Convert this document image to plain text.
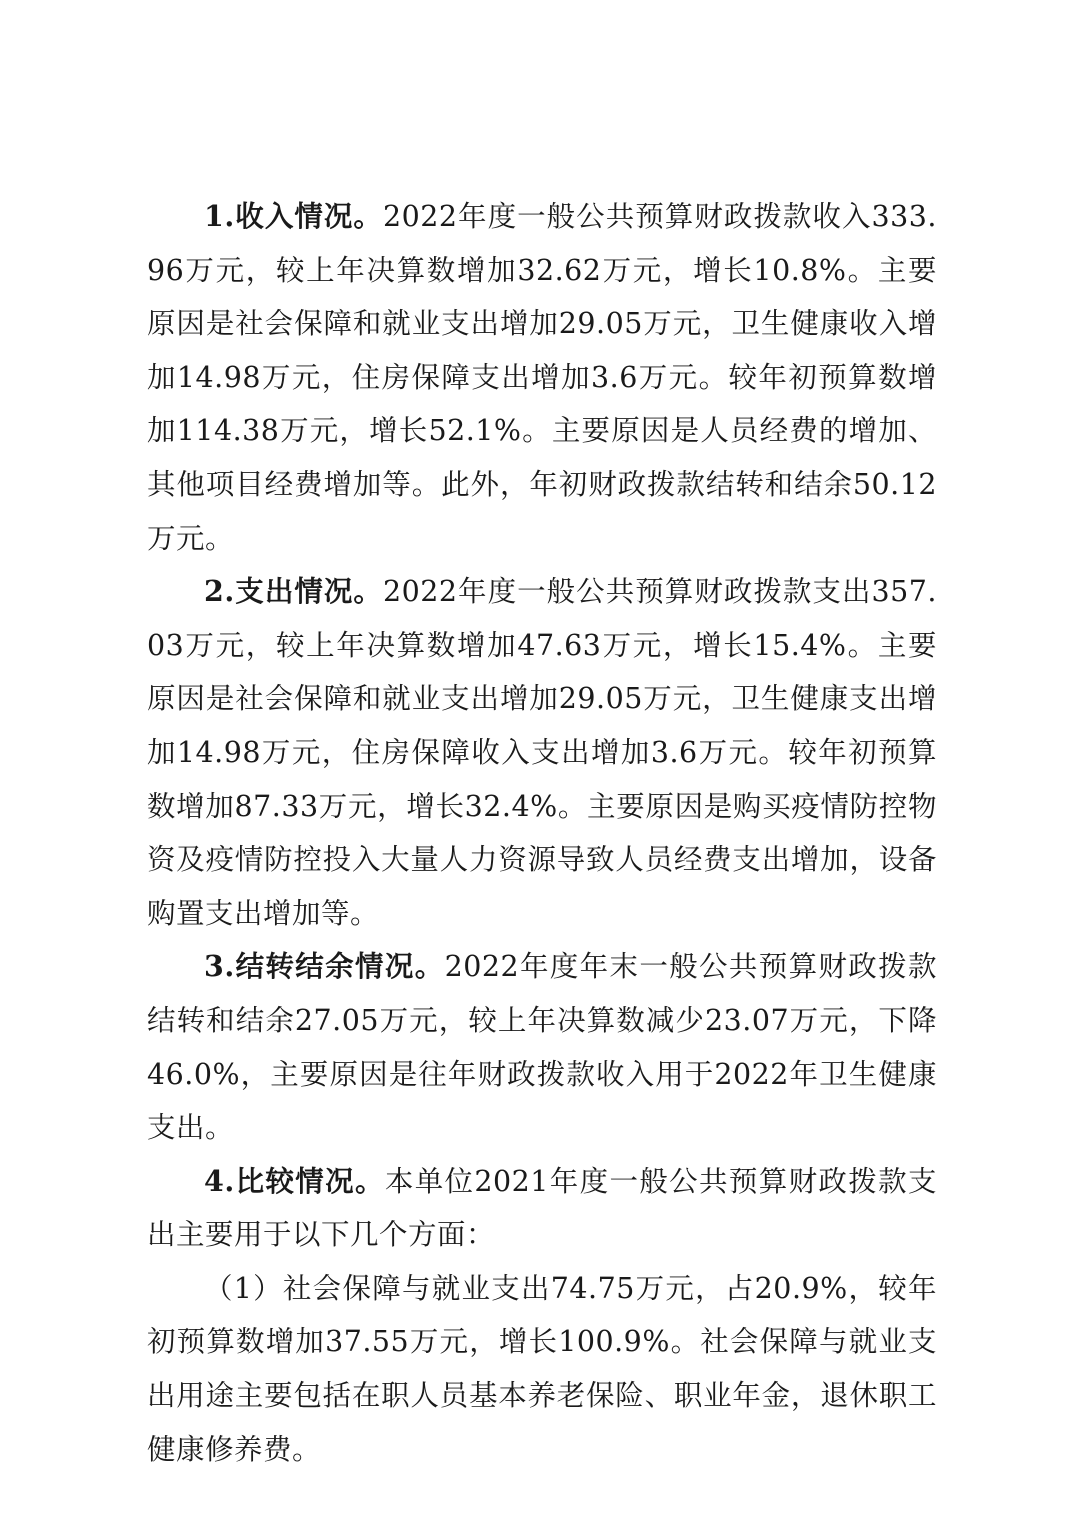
1.收入情况。2022年度一般公共预算财政拨款收入333.96万元，较上年决算数增加32.62万元，增长10.8%。主要原因是社会保障和就业支出增加29.05万元，卫生健康收入增加14.98万元，住房保障支出增加3.6万元。较年初预算数增加114.38万元，增长52.1%。主要原因是人员经费的增加、其他项目经费增加等。此外，年初财政拨款结转和结余50.12万元。

2.支出情况。2022年度一般公共预算财政拨款支出357.03万元，较上年决算数增加47.63万元，增长15.4%。主要原因是社会保障和就业支出增加29.05万元，卫生健康支出增加14.98万元，住房保障收入支出增加3.6万元。较年初预算数增加87.33万元，增长32.4%。主要原因是购买疫情防控物资及疫情防控投入大量人力资源导致人员经费支出增加，设备购置支出增加等。

3.结转结余情况。2022年度年末一般公共预算财政拨款结转和结余27.05万元，较上年决算数减少23.07万元，下降46.0%，主要原因是往年财政拨款收入用于2022年卫生健康支出。

4.比较情况。本单位2021年度一般公共预算财政拨款支出主要用于以下几个方面：

（1）社会保障与就业支出74.75万元，占20.9%，较年初预算数增加37.55万元，增长100.9%。社会保障与就业支出用途主要包括在职人员基本养老保险、职业年金，退休职工健康修养费。
